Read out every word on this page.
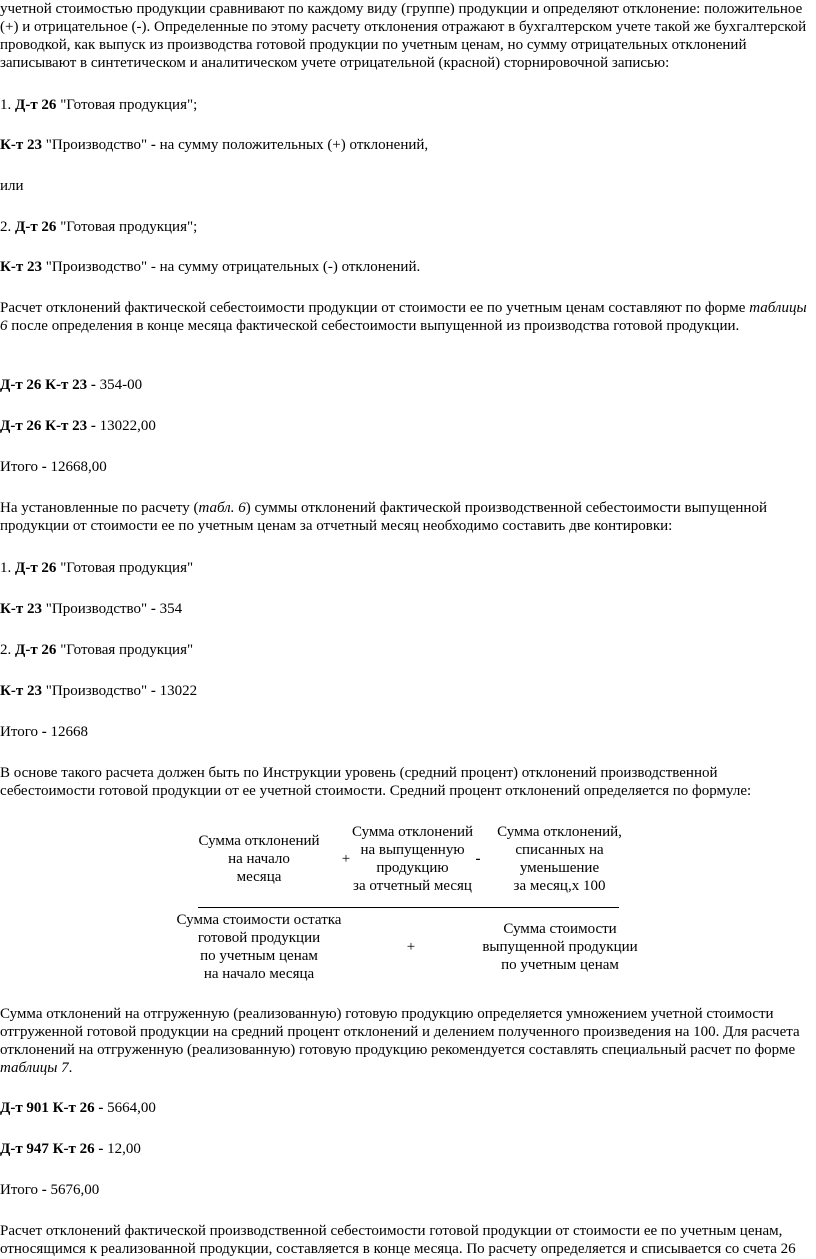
учетной стоимостью продукции сравнивают по каждому виду (группе) продукции и определяют отклонение: положительное (+) и отрицательное (-). Определенные по этому расчету отклонения отражают в бухгалтерском учете такой же бухгалтерской проводкой, как выпуск из производства готовой продукции по учетным ценам, но сумму отрицательных отклонений записывают в синтетическом и аналитическом учете отрицательной (красной) сторнировочной записью:

1. Д-т 26 "Готовая продукция";

К-т 23 "Производство" - на сумму положительных (+) отклонений,

или

2. Д-т 26 "Готовая продукция";

К-т 23 "Производство" - на сумму отрицательных (-) отклонений.

Расчет отклонений фактической себестоимости продукции от стоимости ее по учетным ценам составляют по форме таблицы 6 после определения в конце месяца фактической себестоимости выпущенной из производства готовой продукции.

Д-т 26 К-т 23 - 354-00

Д-т 26 К-т 23 - 13022,00

Итого - 12668,00

На установленные по расчету (табл. 6) суммы отклонений фактической производственной себестоимости выпущенной продукции от стоимости ее по учетным ценам за отчетный месяц необходимо составить две контировки:

1. Д-т 26 "Готовая продукция"

К-т 23 "Производство" - 354

2. Д-т 26 "Готовая продукция"

К-т 23 "Производство" - 13022

Итого - 12668

В основе такого расчета должен быть по Инструкции уровень (средний процент) отклонений производственной себестоимости готовой продукции от ее учетной стоимости. Средний процент отклонений определяется по формуле:

Сумма отклонений
на начало
месяца
+
Сумма отклонений
на выпущенную
продукцию
за отчетный месяц
-
Сумма отклонений,
списанных на
уменьшение
за месяц,х 100
Сумма стоимости остатка
готовой продукции
по учетным ценам
на начало месяца
+
Сумма стоимости
выпущенной продукции
по учетным ценам

Сумма отклонений на отгруженную (реализованную) готовую продукцию определяется умножением учетной стоимости отгруженной готовой продукции на средний процент отклонений и делением полученного произведения на 100. Для расчета отклонений на отгруженную (реализованную) готовую продукцию рекомендуется составлять специальный расчет по форме таблицы 7.

Д-т 901 К-т 26 - 5664,00

Д-т 947 К-т 26 - 12,00

Итого - 5676,00

Расчет отклонений фактической производственной себестоимости готовой продукции от стоимости ее по учетным ценам, относящимся к реализованной продукции, составляется в конце месяца. По расчету определяется и списывается со счета 26
